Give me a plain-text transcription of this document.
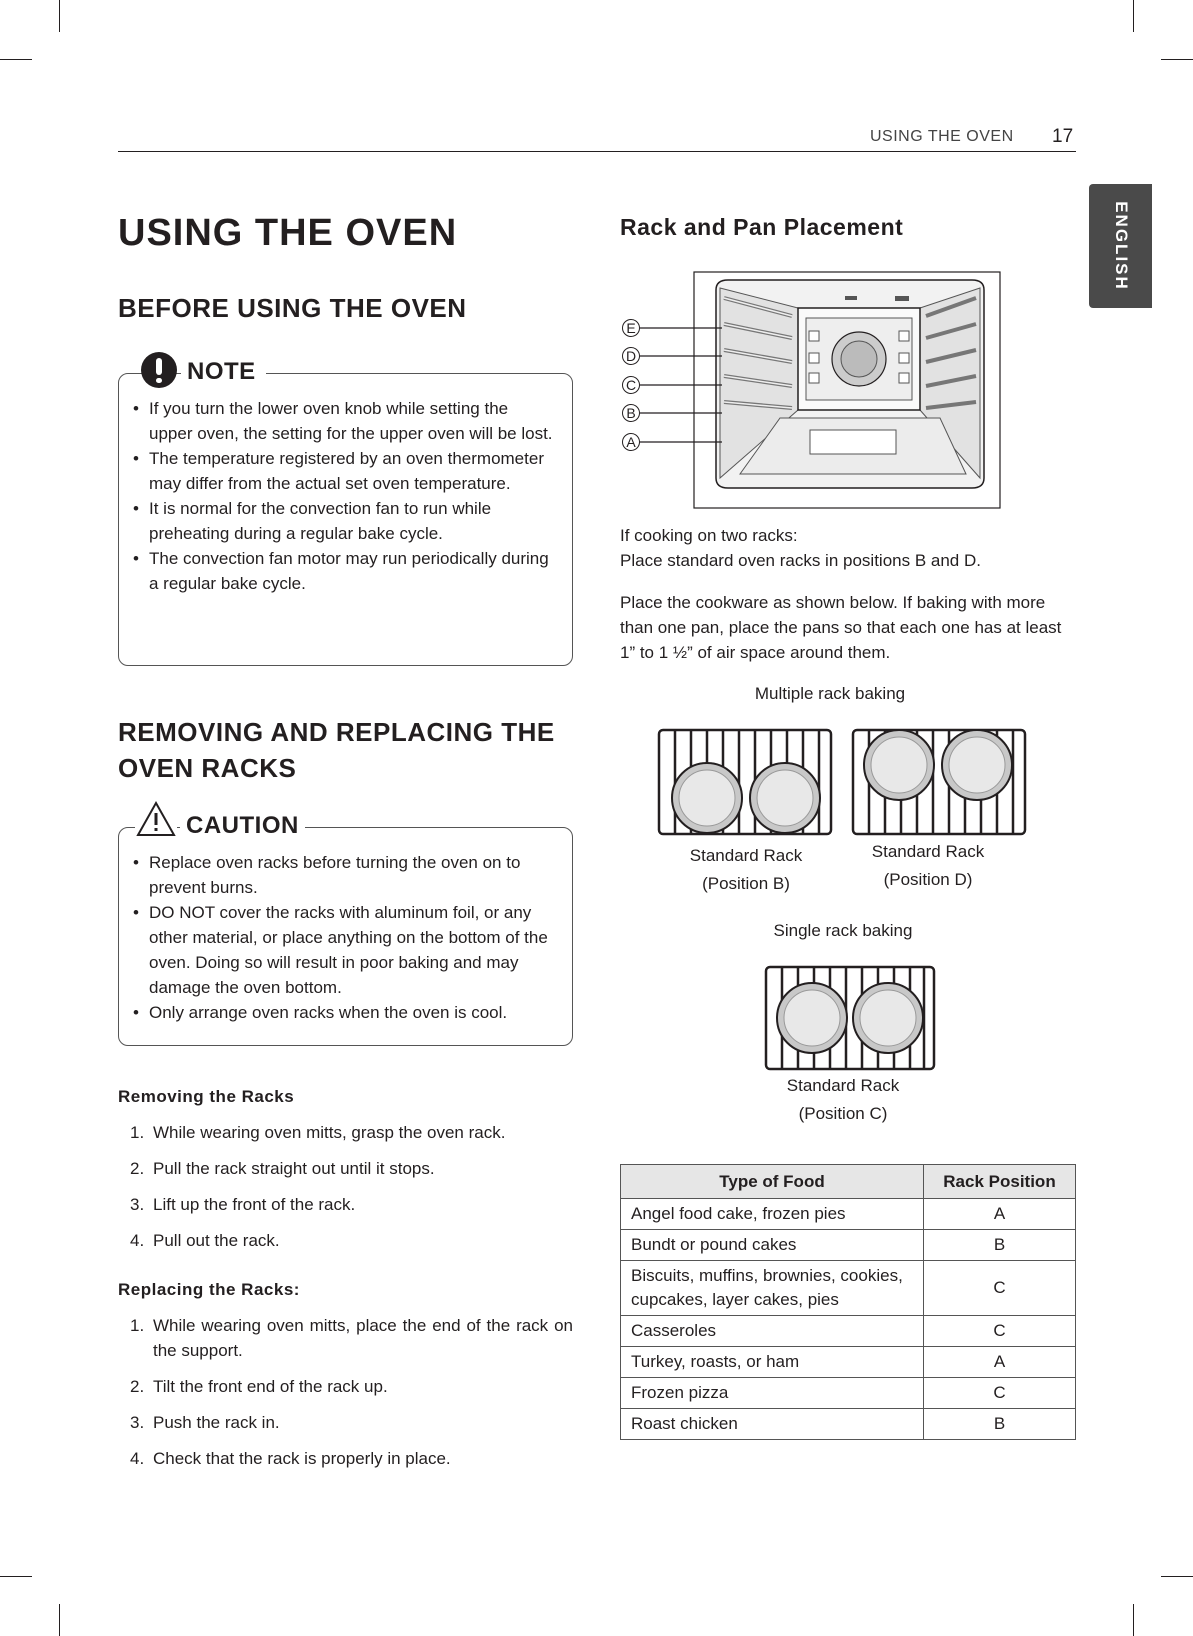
USING THE OVEN 17
ENGLISH
USING THE OVEN
BEFORE USING THE OVEN
NOTE
• If you turn the lower oven knob while setting the upper oven, the setting for the upper oven will be lost.
• The temperature registered by an oven thermometer may differ from the actual set oven temperature.
• It is normal for the convection fan to run while preheating during a regular bake cycle.
• The convection fan motor may run periodically during a regular bake cycle.
REMOVING AND REPLACING THE OVEN RACKS
CAUTION
• Replace oven racks before turning the oven on to prevent burns.
• DO NOT cover the racks with aluminum foil, or any other material, or place anything on the bottom of the oven. Doing so will result in poor baking and may damage the oven bottom.
• Only arrange oven racks when the oven is cool.
Removing the Racks
1. While wearing oven mitts, grasp the oven rack.
2. Pull the rack straight out until it stops.
3. Lift up the front of the rack.
4. Pull out the rack.
Replacing the Racks:
1. While wearing oven mitts, place the end of the rack on the support.
2. Tilt the front end of the rack up.
3. Push the rack in.
4. Check that the rack is properly in place.
Rack and Pan Placement
E
D
C
B
A
If cooking on two racks:
Place standard oven racks in positions B and D.
Place the cookware as shown below. If baking with more than one pan, place the pans so that each one has at least 1” to 1 ½” of air space around them.
Multiple rack baking
Standard Rack
(Position B)
Standard Rack
(Position D)
Single rack baking
Standard Rack
(Position C)
Type of Food	Rack Position
Angel food cake, frozen pies	A
Bundt or pound cakes	B
Biscuits, muffins, brownies, cookies, cupcakes, layer cakes, pies	C
Casseroles	C
Turkey, roasts, or ham	A
Frozen pizza	C
Roast chicken	B
